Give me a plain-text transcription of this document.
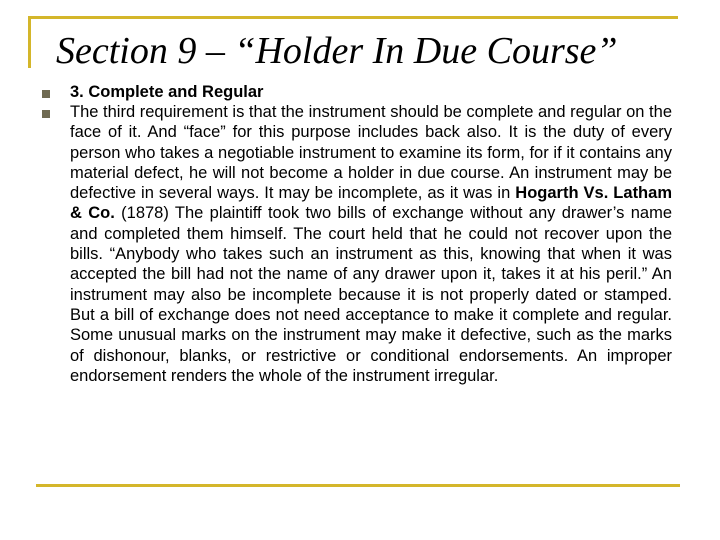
Section 9 – “Holder In Due Course”
3. Complete and Regular
The third requirement is that the instrument should be complete and regular on the face of it. And “face” for this purpose includes back also. It is the duty of every person who takes a negotiable instrument to examine its form, for if it contains any material defect, he will not become a holder in due course. An instrument may be defective in several ways. It may be incomplete, as it was in Hogarth Vs. Latham & Co. (1878) The plaintiff took two bills of exchange without any drawer’s name and completed them himself. The court held that he could not recover upon the bills. “Anybody who takes such an instrument as this, knowing that when it was accepted the bill had not the name of any drawer upon it, takes it at his peril.” An instrument may also be incomplete because it is not properly dated or stamped. But a bill of exchange does not need acceptance to make it complete and regular. Some unusual marks on the instrument may make it defective, such as the marks of dishonour, blanks, or restrictive or conditional endorsements. An improper endorsement renders the whole of the instrument irregular.
